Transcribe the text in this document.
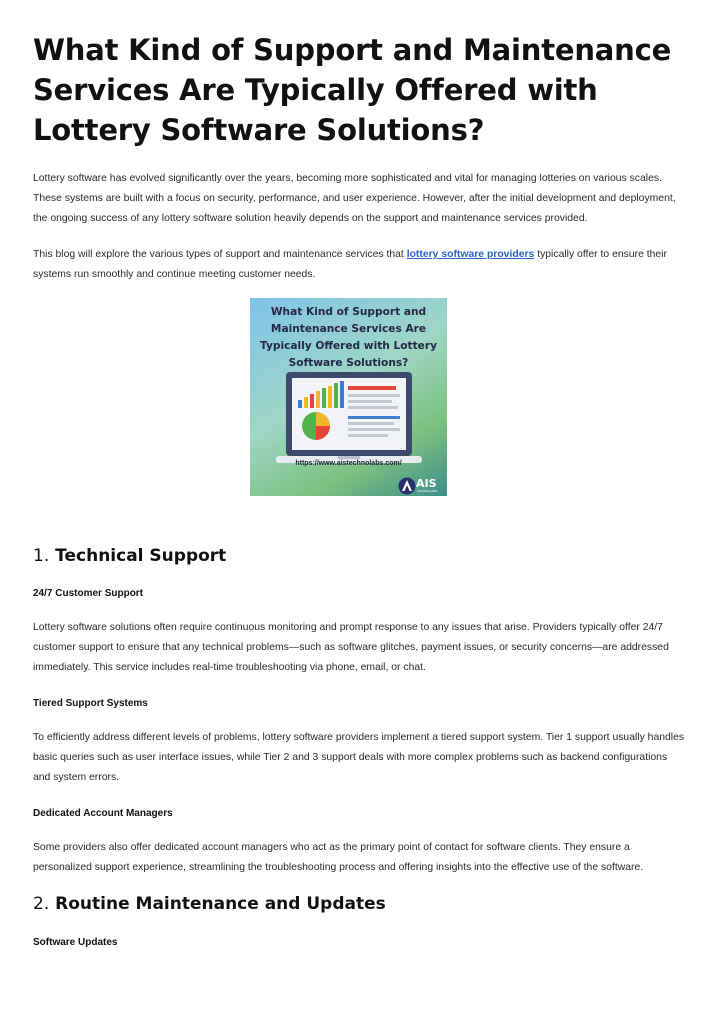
What Kind of Support and Maintenance Services Are Typically Offered with Lottery Software Solutions?

Lottery software has evolved significantly over the years, becoming more sophisticated and vital for managing lotteries on various scales. These systems are built with a focus on security, performance, and user experience. However, after the initial development and deployment, the ongoing success of any lottery software solution heavily depends on the support and maintenance services provided.

This blog will explore the various types of support and maintenance services that lottery software providers typically offer to ensure their systems run smoothly and continue meeting customer needs.

What Kind of Support and
Maintenance Services Are
Typically Offered with Lottery
Software Solutions?
https://www.aistechnolabs.com/
AIS
TECHNOLABS
1. Technical Support
24/7 Customer Support

Lottery software solutions often require continuous monitoring and prompt response to any issues that arise. Providers typically offer 24/7 customer support to ensure that any technical problems—such as software glitches, payment issues, or security concerns—are addressed immediately. This service includes real-time troubleshooting via phone, email, or chat.

Tiered Support Systems

To efficiently address different levels of problems, lottery software providers implement a tiered support system. Tier 1 support usually handles basic queries such as user interface issues, while Tier 2 and 3 support deals with more complex problems such as backend configurations and system errors.

Dedicated Account Managers

Some providers also offer dedicated account managers who act as the primary point of contact for software clients. They ensure a personalized support experience, streamlining the troubleshooting process and offering insights into the effective use of the software.

2. Routine Maintenance and Updates
Software Updates
